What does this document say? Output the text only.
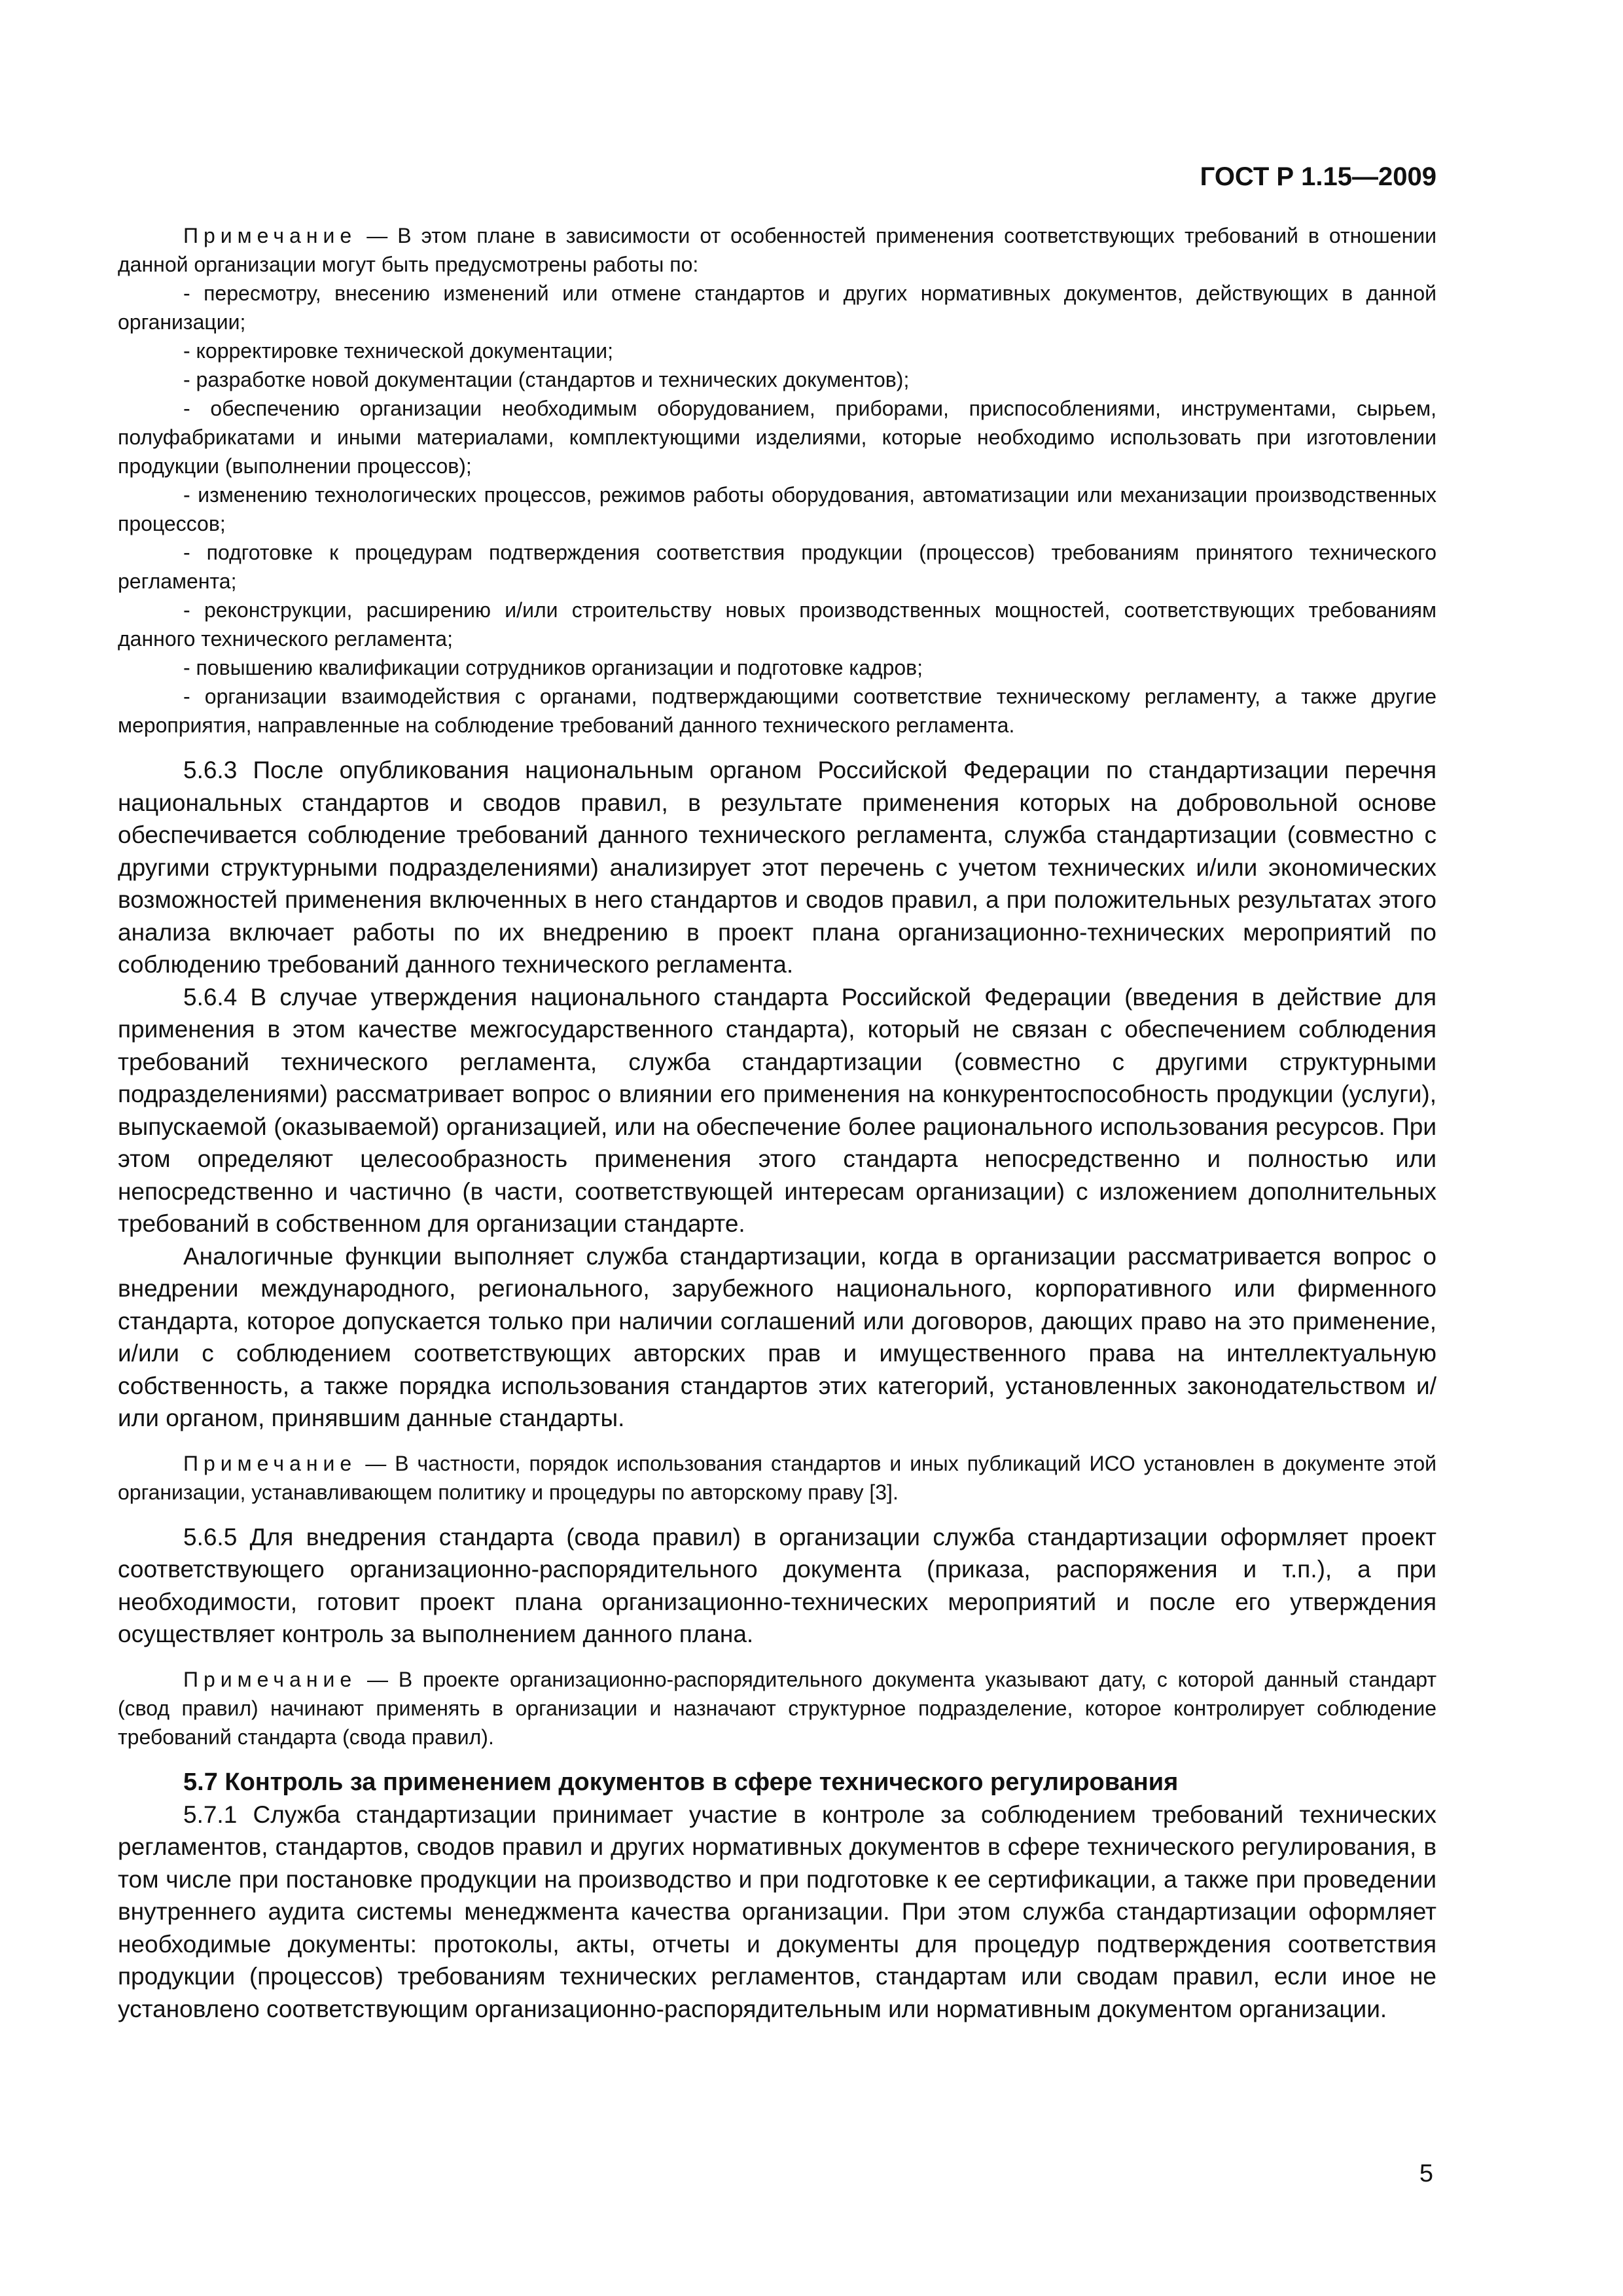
ГОСТ Р 1.15—2009

Примечание — В этом плане в зависимости от особенностей применения соответствующих требований в отношении данной организации могут быть предусмотрены работы по:

- пересмотру, внесению изменений или отмене стандартов и других нормативных документов, действующих в данной организации;

- корректировке технической документации;

- разработке новой документации (стандартов и технических документов);

- обеспечению организации необходимым оборудованием, приборами, приспособлениями, инструментами, сырьем, полуфабрикатами и иными материалами, комплектующими изделиями, которые необходимо использовать при изготовлении продукции (выполнении процессов);

- изменению технологических процессов, режимов работы оборудования, автоматизации или механизации производственных процессов;

- подготовке к процедурам подтверждения соответствия продукции (процессов) требованиям принятого технического регламента;

- реконструкции, расширению и/или строительству новых производственных мощностей, соответствующих требованиям данного технического регламента;

- повышению квалификации сотрудников организации и подготовке кадров;

- организации взаимодействия с органами, подтверждающими соответствие техническому регламенту, а также другие мероприятия, направленные на соблюдение требований данного технического регламента.

5.6.3 После опубликования национальным органом Российской Федерации по стандартизации перечня национальных стандартов и сводов правил, в результате применения которых на добровольной основе обеспечивается соблюдение требований данного технического регламента, служба стандартизации (совместно с другими структурными подразделениями) анализирует этот перечень с учетом технических и/или экономических возможностей применения включенных в него стандартов и сводов правил, а при положительных результатах этого анализа включает работы по их внедрению в проект плана организационно-технических мероприятий по соблюдению требований данного технического регламента.

5.6.4 В случае утверждения национального стандарта Российской Федерации (введения в действие для применения в этом качестве межгосударственного стандарта), который не связан с обеспечением соблюдения требований технического регламента, служба стандартизации (совместно с другими структурными подразделениями) рассматривает вопрос о влиянии его применения на конкурентоспособность продукции (услуги), выпускаемой (оказываемой) организацией, или на обеспечение более рационального использования ресурсов. При этом определяют целесообразность применения этого стандарта непосредственно и полностью или непосредственно и частично (в части, соответствующей интересам организации) с изложением дополнительных требований в собственном для организации стандарте.

Аналогичные функции выполняет служба стандартизации, когда в организации рассматривается вопрос о внедрении международного, регионального, зарубежного национального, корпоративного или фирменного стандарта, которое допускается только при наличии соглашений или договоров, дающих право на это применение, и/или с соблюдением соответствующих авторских прав и имущественного права на интеллектуальную собственность, а также порядка использования стандартов этих категорий, установленных законодательством и/или органом, принявшим данные стандарты.

Примечание — В частности, порядок использования стандартов и иных публикаций ИСО установлен в документе этой организации, устанавливающем политику и процедуры по авторскому праву [3].

5.6.5 Для внедрения стандарта (свода правил) в организации служба стандартизации оформляет проект соответствующего организационно-распорядительного документа (приказа, распоряжения и т.п.), а при необходимости, готовит проект плана организационно-технических мероприятий и после его утверждения осуществляет контроль за выполнением данного плана.

Примечание — В проекте организационно-распорядительного документа указывают дату, с которой данный стандарт (свод правил) начинают применять в организации и назначают структурное подразделение, которое контролирует соблюдение требований стандарта (свода правил).

5.7 Контроль за применением документов в сфере технического регулирования

5.7.1 Служба стандартизации принимает участие в контроле за соблюдением требований технических регламентов, стандартов, сводов правил и других нормативных документов в сфере технического регулирования, в том числе при постановке продукции на производство и при подготовке к ее сертификации, а также при проведении внутреннего аудита системы менеджмента качества организации. При этом служба стандартизации оформляет необходимые документы: протоколы, акты, отчеты и документы для процедур подтверждения соответствия продукции (процессов) требованиям технических регламентов, стандартам или сводам правил, если иное не установлено соответствующим организационно-распорядительным или нормативным документом организации.

5
